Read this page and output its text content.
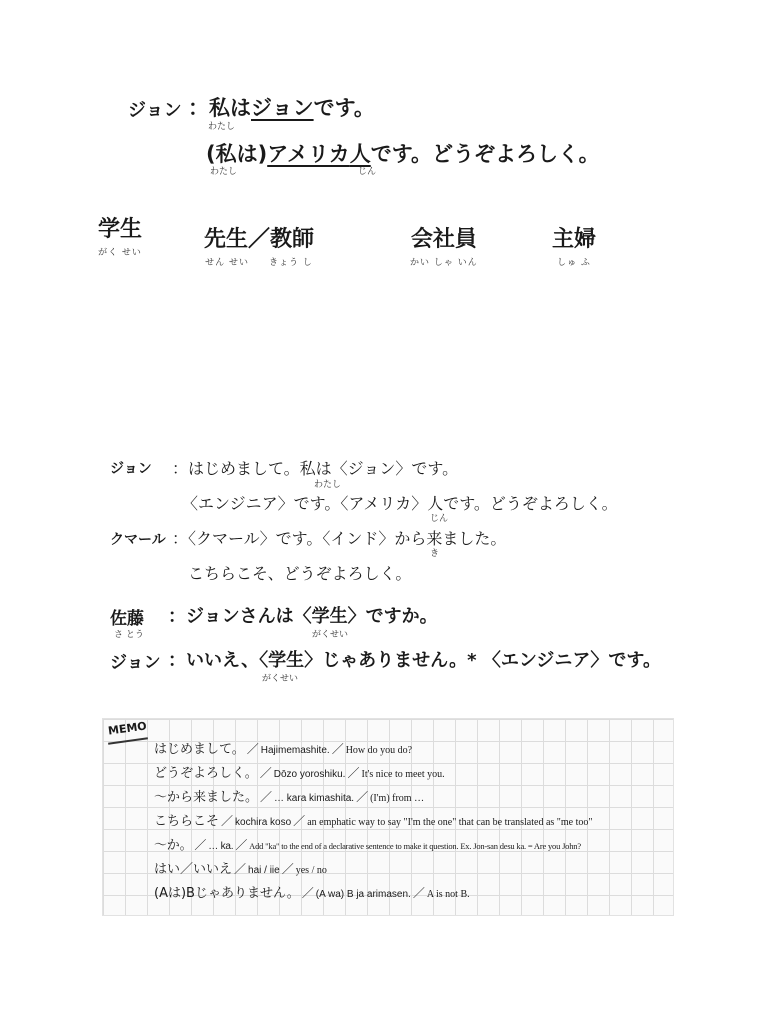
ジョン ：私はジョンです。
わたし
(私は)アメリカ人です。どうぞよろしく。
わたし	じん
学生
がく せい
先生／教師
せん せい　　きょう し
会社員
かい しゃ いん
主婦
しゅ ふ
ジョン ：はじめまして。私は〈ジョン〉です。
わたし
〈エンジニア〉です。〈アメリカ〉人です。どうぞよろしく。
じん
クマール ：〈クマール〉です。〈インド〉から来ました。
き
こちらこそ、どうぞよろしく。
佐藤
さ とう
：ジョンさんは〈学生〉ですか。
がくせい
ジョン ：いいえ、〈学生〉じゃありません。* 〈エンジニア〉です。
がくせい
MEMO
はじめまして。 ／ Hajimemashite. ／ How do you do?
どうぞよろしく。 ／ Dōzo yoroshiku. ／ It's nice to meet you.
～から来ました。 ／ … kara kimashita. ／ (I'm) from …
こちらこそ ／ kochira koso ／ an emphatic way to say "I'm the one" that can be translated as "me too"
～か。 ／ … ka. ／ Add "ka" to the end of a declarative sentence to make it question. Ex. Jon-san desu ka. = Are you John?
はい／いいえ ／ hai / iie ／ yes / no
(Aは)Bじゃありません。 ／ (A wa) B ja arimasen. ／ A is not B.
